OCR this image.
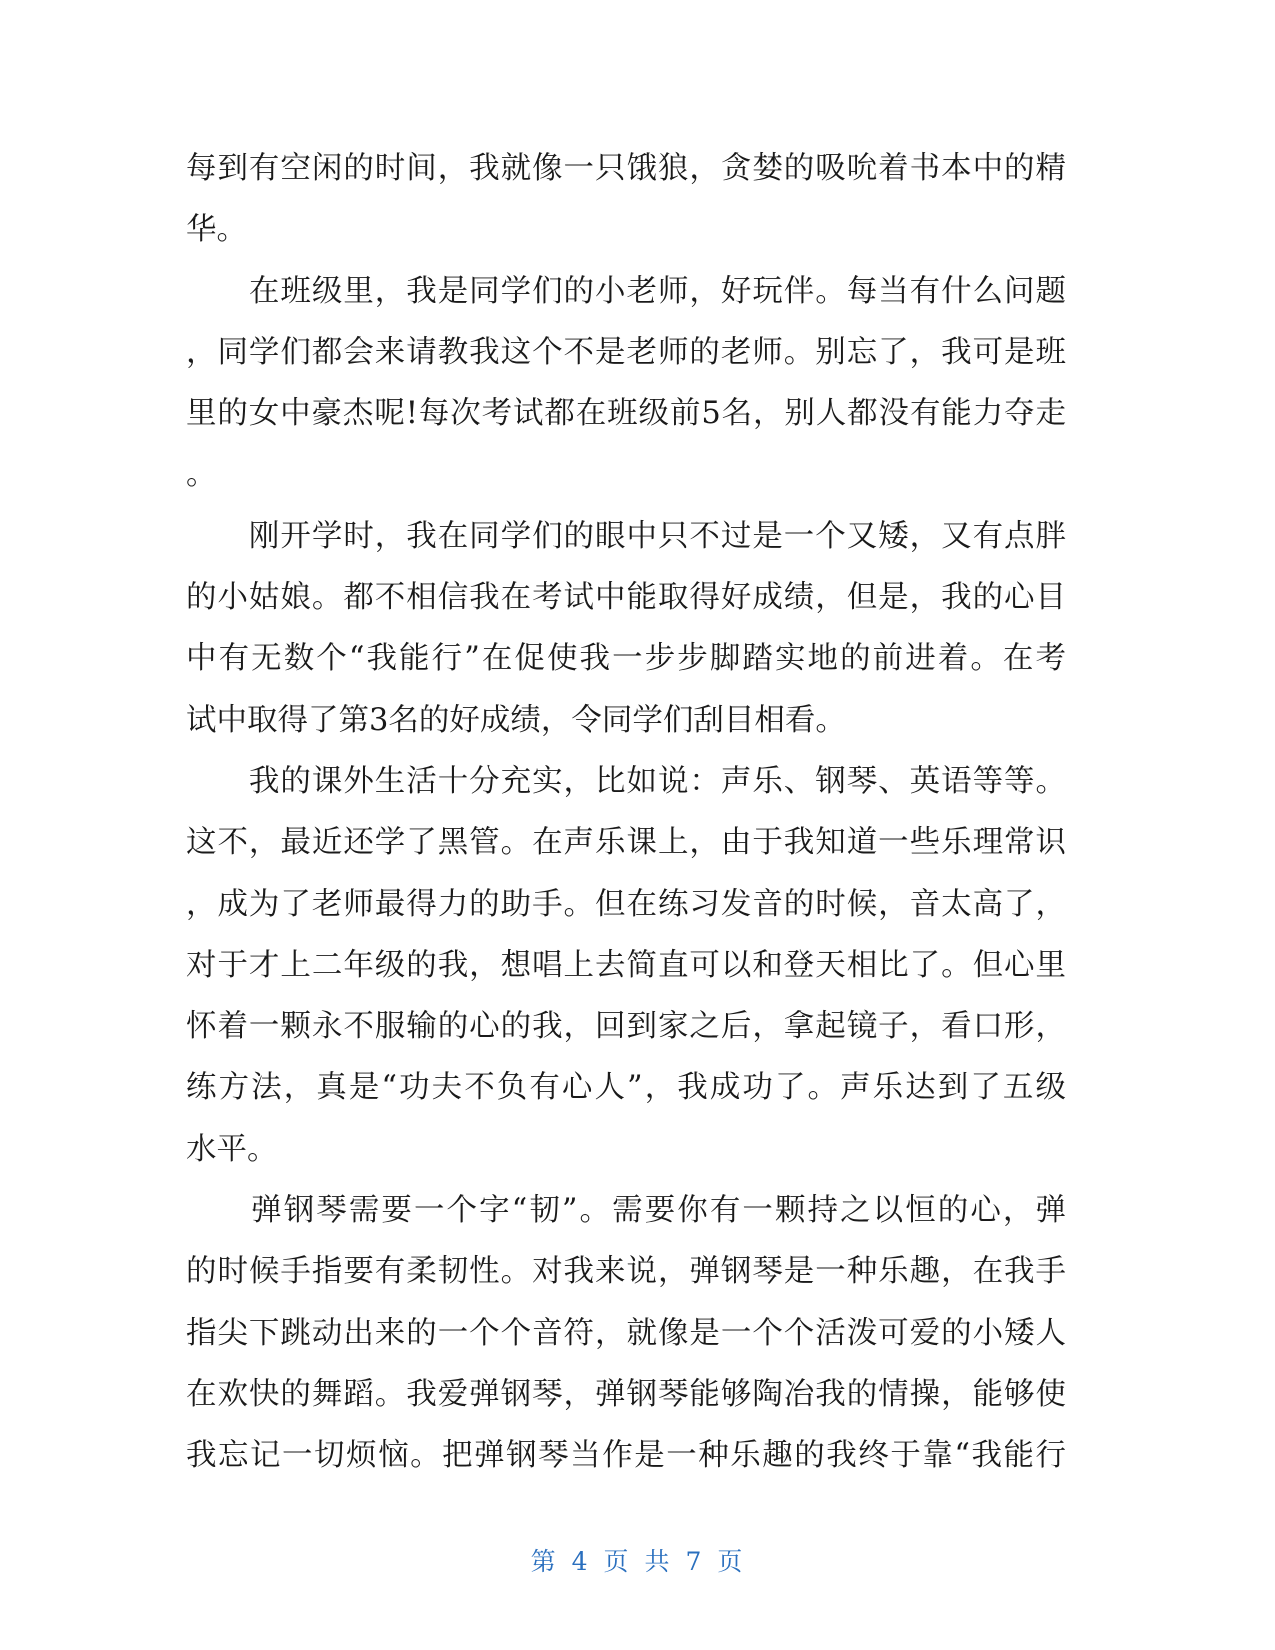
每到有空闲的时间，我就像一只饿狼，贪婪的吸吮着书本中的精
华。
　　在班级里，我是同学们的小老师，好玩伴。每当有什么问题
，同学们都会来请教我这个不是老师的老师。别忘了，我可是班
里的女中豪杰呢!每次考试都在班级前5名，别人都没有能力夺走
。
　　刚开学时，我在同学们的眼中只不过是一个又矮，又有点胖
的小姑娘。都不相信我在考试中能取得好成绩，但是，我的心目
中有无数个“我能行”在促使我一步步脚踏实地的前进着。在考
试中取得了第3名的好成绩，令同学们刮目相看。
　　我的课外生活十分充实，比如说：声乐、钢琴、英语等等。
这不，最近还学了黑管。在声乐课上，由于我知道一些乐理常识
，成为了老师最得力的助手。但在练习发音的时候，音太高了，
对于才上二年级的我，想唱上去简直可以和登天相比了。但心里
怀着一颗永不服输的心的我，回到家之后，拿起镜子，看口形，
练方法，真是“功夫不负有心人”，我成功了。声乐达到了五级
水平。
　　弹钢琴需要一个字“韧”。需要你有一颗持之以恒的心，弹
的时候手指要有柔韧性。对我来说，弹钢琴是一种乐趣，在我手
指尖下跳动出来的一个个音符，就像是一个个活泼可爱的小矮人
在欢快的舞蹈。我爱弹钢琴，弹钢琴能够陶冶我的情操，能够使
我忘记一切烦恼。把弹钢琴当作是一种乐趣的我终于靠“我能行
第 4 页 共 7 页
